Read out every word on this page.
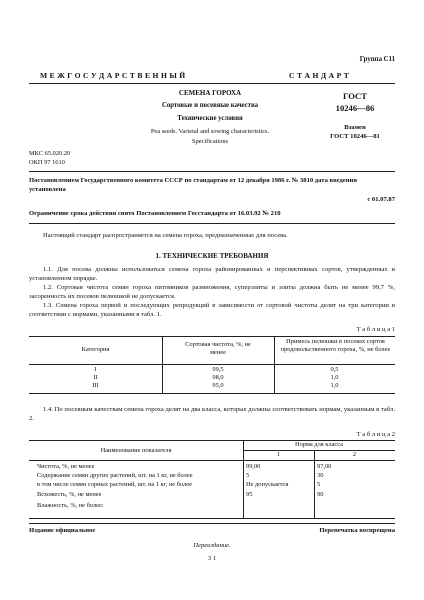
Группа С11
М Е Ж Г О С У Д А Р С Т В Е Н Н Ы Й	С Т А Н Д А Р Т
СЕМЕНА ГОРОХА
Сортовые и посевные качества
Технические условия
Pea seeds. Varietal and sowing characteristics.
Specifications
ГОСТ
10246—86
Взамен
ГОСТ 10246—81
МКС 65.020.20
ОКП 97 1610
Постановлением Государственного комитета СССР по стандартам от 12 декабря 1986 г. № 3810 дата введения установлена
с 01.07.87
Ограничение срока действия снято Постановлением Госстандарта от 16.03.92 № 210
Настоящий стандарт распространяется на семена гороха, предназначенные для посева.
1. ТЕХНИЧЕСКИЕ ТРЕБОВАНИЯ
1.1. Для посева должны использоваться семена гороха районированных и перспективных сортов, утвержденных в установленном порядке.
1.2. Сортовая чистота семян гороха питомников размножения, суперэлиты и элиты должна быть не менее 99,7 %, засоренность их посевов пелюшкой не допускается.
1.3. Семена гороха первой и последующих репродукций в зависимости от сортовой чистоты делят на три категории в соответствии с нормами, указанными в табл. 1.
Т а б л и ц а 1
Категория
Сортовая чистота, %, не менее
Примесь пелюшки в посевах сортов продовольственного гороха, %, не более
I	99,5	0,5
II	98,0	1,0
III	95,0	1,0
1.4. По посевным качествам семена гороха делят на два класса, которые должны соответствовать нормам, указанным в табл. 2.
Т а б л и ц а 2
Наименование показателя
Норма для класса
1	2
Чистота, %, не менее	99,00	97,00
Содержание семян других растений, шт. на 1 кг, не более	5	30
в том числе семян сорных растений, шт. на 1 кг, не более	Не допускается	5
Всхожесть, %, не менее	95	90
Влажность, %, не более:
Издание официальное	Перепечатка воспрещена
Переиздание.
3 1
